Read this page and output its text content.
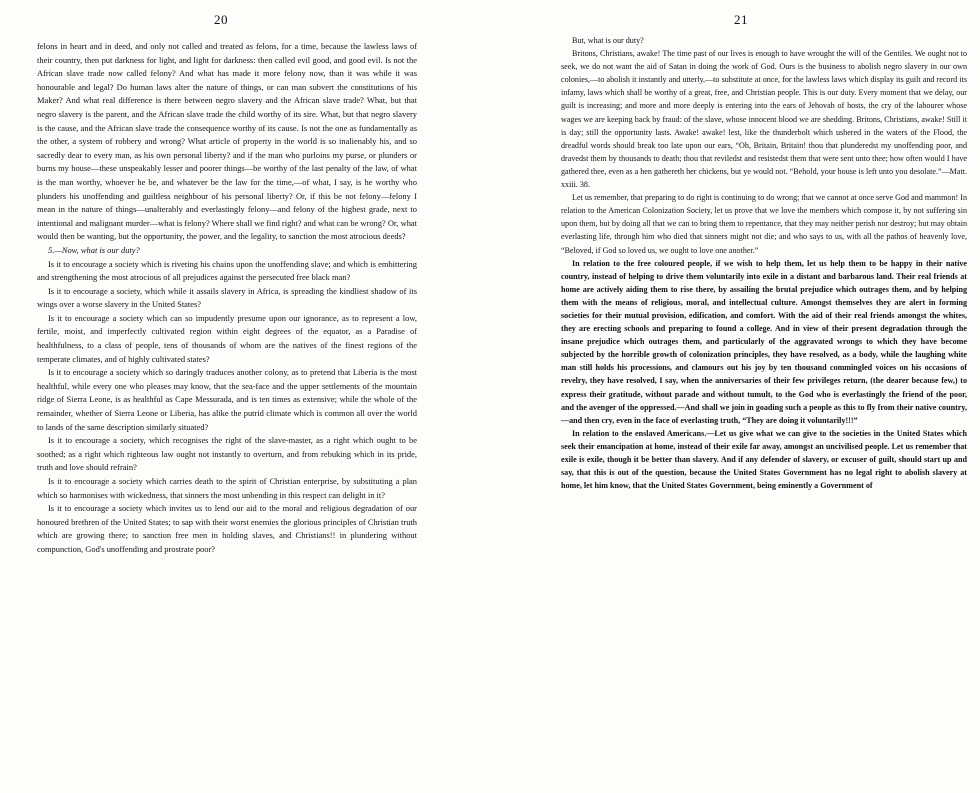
20

felons in heart and in deed, and only not called and treated as felons, for a time, because the lawless laws of their country, then put darkness for light, and light for darkness: then called evil good, and good evil. Is not the African slave trade now called felony? And what has made it more felony now, than it was while it was honourable and legal? Do human laws alter the nature of things, or can man subvert the constitutions of his Maker? And what real difference is there between negro slavery and the African slave trade? What, but that negro slavery is the parent, and the African slave trade the child worthy of its sire. What, but that negro slavery is the cause, and the African slave trade the consequence worthy of its cause. Is not the one as fundamentally as the other, a system of robbery and wrong? What article of property in the world is so inalienably his, and so sacredly dear to every man, as his own personal liberty? and if the man who purloins my purse, or plunders or burns my house—these unspeakably lesser and poorer things—be worthy of the last penalty of the law, of what is the man worthy, whoever he be, and whatever be the law for the time,—of what, I say, is he worthy who plunders his unoffending and guiltless neighbour of his personal liberty? Or, if this be not felony—felony I mean in the nature of things—unalterably and everlastingly felony—and felony of the highest grade, next to intentional and malignant murder—what is felony? Where shall we find right? and what can be wrong? Or, what would then be wanting, but the opportunity, the power, and the legality, to sanction the most atrocious deeds?

5.—Now, what is our duty?

Is it to encourage a society which is riveting his chains upon the unoffending slave; and which is embittering and strengthening the most atrocious of all prejudices against the persecuted free black man?

Is it to encourage a society, which while it assails slavery in Africa, is spreading the kindliest shadow of its wings over a worse slavery in the United States?

Is it to encourage a society which can so impudently presume upon our ignorance, as to represent a low, fertile, moist, and imperfectly cultivated region within eight degrees of the equator, as a Paradise of healthfulness, to a class of people, tens of thousands of whom are the natives of the finest regions of the temperate climates, and of highly cultivated states?

Is it to encourage a society which so daringly traduces another colony, as to pretend that Liberia is the most healthful, while every one who pleases may know, that the sea-face and the upper settlements of the mountain ridge of Sierra Leone, is as healthful as Cape Messurada, and is ten times as extensive; while the whole of the remainder, whether of Sierra Leone or Liberia, has alike the putrid climate which is common all over the world to lands of the same description similarly situated?

Is it to encourage a society, which recognises the right of the slave-master, as a right which ought to be soothed; as a right which righteous law ought not instantly to overturn, and from rebuking which in its pride, truth and love should refrain?

Is it to encourage a society which carries death to the spirit of Christian enterprise, by substituting a plan which so harmonises with wickedness, that sinners the most unbending in this respect can delight in it?

Is it to encourage a society which invites us to lend our aid to the moral and religious degradation of our honoured brethren of the United States; to sap with their worst enemies the glorious principles of Christian truth which are growing there; to sanction free men in holding slaves, and Christians!! in plundering without compunction, God's unoffending and prostrate poor?

21

But, what is our duty?

Britons, Christians, awake! The time past of our lives is enough to have wrought the will of the Gentiles. We ought not to seek, we do not want the aid of Satan in doing the work of God. Ours is the business to abolish negro slavery in our own colonies,—to abolish it instantly and utterly,—to substitute at once, for the lawless laws which display its guilt and record its infamy, laws which shall be worthy of a great, free, and Christian people. This is our duty. Every moment that we delay, our guilt is increasing; and more and more deeply is entering into the ears of Jehovah of hosts, the cry of the labourer whose wages we are keeping back by fraud: of the slave, whose innocent blood we are shedding. Britons, Christians, awake! Still it is day; still the opportunity lasts. Awake! awake! lest, like the thunderbolt which ushered in the waters of the Flood, the dreadful words should break too late upon our ears, “Oh, Britain, Britain! thou that plunderedst my unoffending poor, and dravedst them by thousands to death; thou that reviledst and resistedst them that were sent unto thee; how often would I have gathered thee, even as a hen gathereth her chickens, but ye would not. “Behold, your house is left unto you desolate.”—Matt. xxiii. 38.

Let us remember, that preparing to do right is continuing to do wrong; that we cannot at once serve God and mammon! In relation to the American Colonization Society, let us prove that we love the members which compose it, by not suffering sin upon them, but by doing all that we can to bring them to repentance, that they may neither perish nor destroy; but may obtain everlasting life, through him who died that sinners might not die; and who says to us, with all the pathos of heavenly love, “Beloved, if God so loved us, we ought to love one another.”

In relation to the free coloured people, if we wish to help them, let us help them to be happy in their native country, instead of helping to drive them voluntarily into exile in a distant and barbarous land. Their real friends at home are actively aiding them to rise there, by assailing the brutal prejudice which outrages them, and by helping them with the means of religious, moral, and intellectual culture. Amongst themselves they are alert in forming societies for their mutual provision, edification, and comfort. With the aid of their real friends amongst the whites, they are erecting schools and preparing to found a college. And in view of their present degradation through the insane prejudice which outrages them, and particularly of the aggravated wrongs to which they have become subjected by the horrible growth of colonization principles, they have resolved, as a body, while the laughing white man still holds his processions, and clamours out his joy by ten thousand commingled voices on his occasions of revelry, they have resolved, I say, when the anniversaries of their few privileges return, (the dearer because few,) to express their gratitude, without parade and without tumult, to the God who is everlastingly the friend of the poor, and the avenger of the oppressed.—And shall we join in goading such a people as this to fly from their native country,—and then cry, even in the face of everlasting truth, “They are doing it voluntarily!!!”

In relation to the enslaved Americans.—Let us give what we can give to the societies in the United States which seek their emancipation at home, instead of their exile far away, amongst an uncivilised people. Let us remember that exile is exile, though it be better than slavery. And if any defender of slavery, or excuser of guilt, should start up and say, that this is out of the question, because the United States Government has no legal right to abolish slavery at home, let him know, that the United States Government, being eminently a Government of
